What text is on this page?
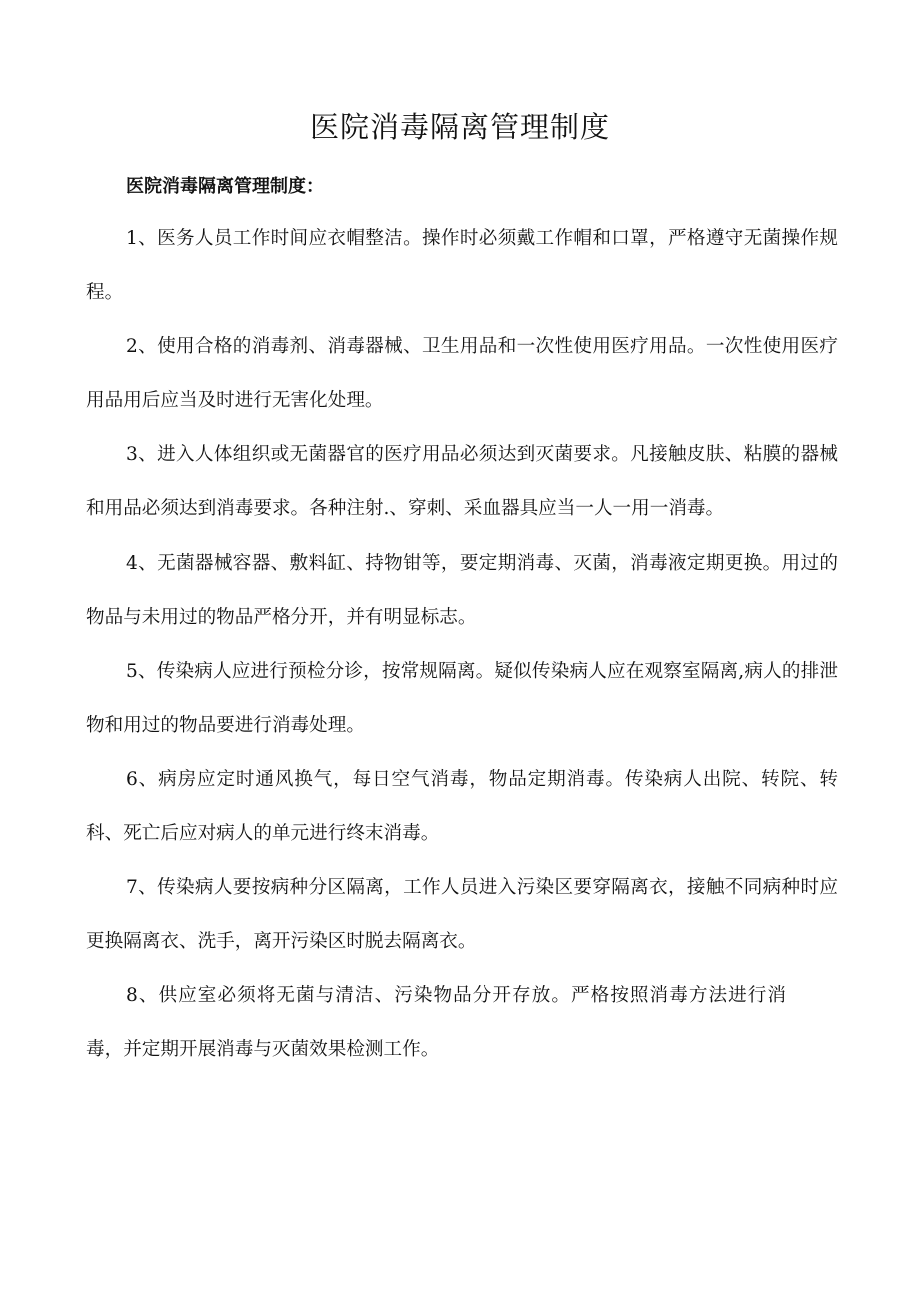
医院消毒隔离管理制度

医院消毒隔离管理制度：

1、医务人员工作时间应衣帽整洁。操作时必须戴工作帽和口罩，严格遵守无菌操作规程。

2、使用合格的消毒剂、消毒器械、卫生用品和一次性使用医疗用品。一次性使用医疗用品用后应当及时进行无害化处理。

3、进入人体组织或无菌器官的医疗用品必须达到灭菌要求。凡接触皮肤、粘膜的器械和用品必须达到消毒要求。各种注射.、穿刺、采血器具应当一人一用一消毒。

4、无菌器械容器、敷料缸、持物钳等，要定期消毒、灭菌，消毒液定期更换。用过的物品与未用过的物品严格分开，并有明显标志。

5、传染病人应进行预检分诊，按常规隔离。疑似传染病人应在观察室隔离,病人的排泄物和用过的物品要进行消毒处理。

6、病房应定时通风换气，每日空气消毒，物品定期消毒。传染病人出院、转院、转科、死亡后应对病人的单元进行终末消毒。

7、传染病人要按病种分区隔离，工作人员进入污染区要穿隔离衣，接触不同病种时应更换隔离衣、洗手，离开污染区时脱去隔离衣。

8、供应室必须将无菌与清洁、污染物品分开存放。严格按照消毒方法进行消毒，并定期开展消毒与灭菌效果检测工作。
